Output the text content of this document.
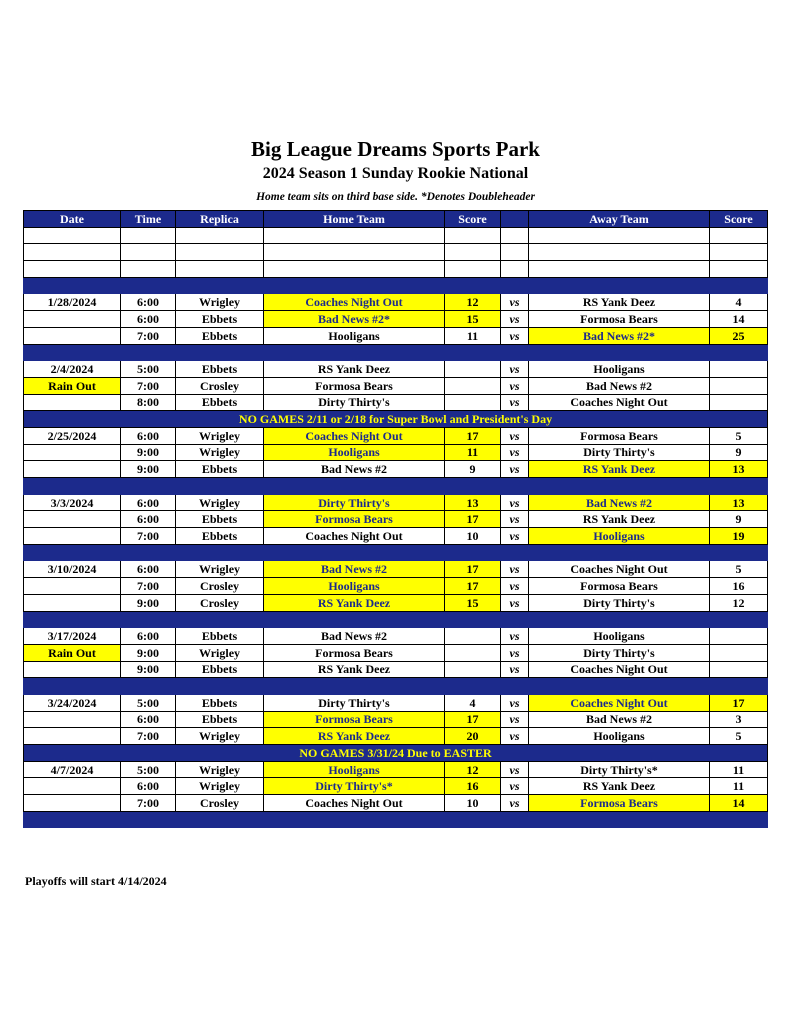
Big League Dreams Sports Park
2024 Season 1 Sunday Rookie National
Home team sits on third base side. *Denotes Doubleheader
Date	Time	Replica	Home Team	Score		Away Team	Score

1/28/2024	6:00	Wrigley	Coaches Night Out	12	vs	RS Yank Deez	4
	6:00	Ebbets	Bad News #2*	15	vs	Formosa Bears	14
	7:00	Ebbets	Hooligans	11	vs	Bad News #2*	25

2/4/2024	5:00	Ebbets	RS Yank Deez		vs	Hooligans	
Rain Out	7:00	Crosley	Formosa Bears		vs	Bad News #2	
	8:00	Ebbets	Dirty Thirty's		vs	Coaches Night Out	
NO GAMES 2/11 or 2/18 for Super Bowl and President's Day							
2/25/2024	6:00	Wrigley	Coaches Night Out	17	vs	Formosa Bears	5
	9:00	Wrigley	Hooligans	11	vs	Dirty Thirty's	9
	9:00	Ebbets	Bad News #2	9	vs	RS Yank Deez	13

3/3/2024	6:00	Wrigley	Dirty Thirty's	13	vs	Bad News #2	13
	6:00	Ebbets	Formosa Bears	17	vs	RS Yank Deez	9
	7:00	Ebbets	Coaches Night Out	10	vs	Hooligans	19

3/10/2024	6:00	Wrigley	Bad News #2	17	vs	Coaches Night Out	5
	7:00	Crosley	Hooligans	17	vs	Formosa Bears	16
	9:00	Crosley	RS Yank Deez	15	vs	Dirty Thirty's	12

3/17/2024	6:00	Ebbets	Bad News #2		vs	Hooligans	
Rain Out	9:00	Wrigley	Formosa Bears		vs	Dirty Thirty's	
	9:00	Ebbets	RS Yank Deez		vs	Coaches Night Out	

3/24/2024	5:00	Ebbets	Dirty Thirty's	4	vs	Coaches Night Out	17
	6:00	Ebbets	Formosa Bears	17	vs	Bad News #2	3
	7:00	Wrigley	RS Yank Deez	20	vs	Hooligans	5
NO GAMES 3/31/24 Due to EASTER							
4/7/2024	5:00	Wrigley	Hooligans	12	vs	Dirty Thirty's*	11
	6:00	Wrigley	Dirty Thirty's*	16	vs	RS Yank Deez	11
	7:00	Crosley	Coaches Night Out	10	vs	Formosa Bears	14

Playoffs will start 4/14/2024
